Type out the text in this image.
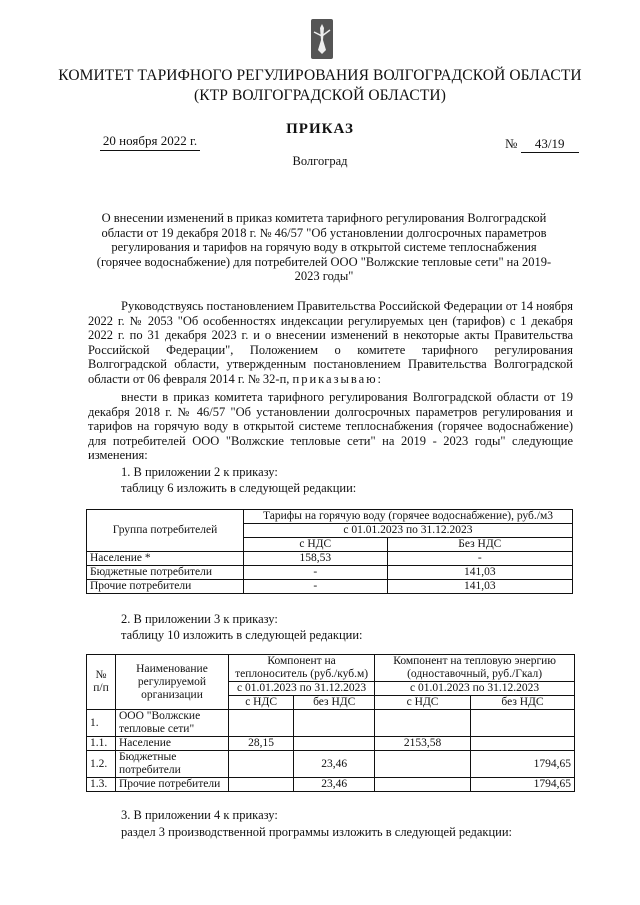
КОМИТЕТ ТАРИФНОГО РЕГУЛИРОВАНИЯ ВОЛГОГРАДСКОЙ ОБЛАСТИ
(КТР ВОЛГОГРАДСКОЙ ОБЛАСТИ)
ПРИКАЗ
20 ноября 2022 г.	№ 43/19
Волгоград
О внесении изменений в приказ комитета тарифного регулирования Волгоградской области от 19 декабря 2018 г. № 46/57 "Об установлении долгосрочных параметров регулирования и тарифов на горячую воду в открытой системе теплоснабжения (горячее водоснабжение) для потребителей ООО "Волжские тепловые сети" на 2019-2023 годы"
Руководствуясь постановлением Правительства Российской Федерации от 14 ноября 2022 г. № 2053 "Об особенностях индексации регулируемых цен (тарифов) с 1 декабря 2022 г. по 31 декабря 2023 г. и о внесении изменений в некоторые акты Правительства Российской Федерации", Положением о комитете тарифного регулирования Волгоградской области, утвержденным постановлением Правительства Волгоградской области от 06 февраля 2014 г. № 32-п, приказываю:
внести в приказ комитета тарифного регулирования Волгоградской области от 19 декабря 2018 г. № 46/57 "Об установлении долгосрочных параметров регулирования и тарифов на горячую воду в открытой системе теплоснабжения (горячее водоснабжение) для потребителей ООО "Волжские тепловые сети" на 2019 - 2023 годы" следующие изменения:
1. В приложении 2 к приказу:
таблицу 6 изложить в следующей редакции:
Группа потребителей	Тарифы на горячую воду (горячее водоснабжение), руб./м3	
	с 01.01.2023 по 31.12.2023	
	с НДС	Без НДС
Население *	158,53	-
Бюджетные потребители	-	141,03
Прочие потребители	-	141,03
2. В приложении 3 к приказу:
таблицу 10 изложить в следующей редакции:
№ п/п	Наименование регулируемой организации	Компонент на теплоноситель (руб./куб.м)		Компонент на тепловую энергию (одноставочный, руб./Гкал)	
		с 01.01.2023 по 31.12.2023		с 01.01.2023 по 31.12.2023	
		с НДС	без НДС	с НДС	без НДС
1.	ООО "Волжские тепловые сети"				
1.1.	Население	28,15		2153,58	
1.2.	Бюджетные потребители		23,46		1794,65
1.3.	Прочие потребители		23,46		1794,65
3. В приложении 4 к приказу:
раздел 3 производственной программы изложить в следующей редакции:
